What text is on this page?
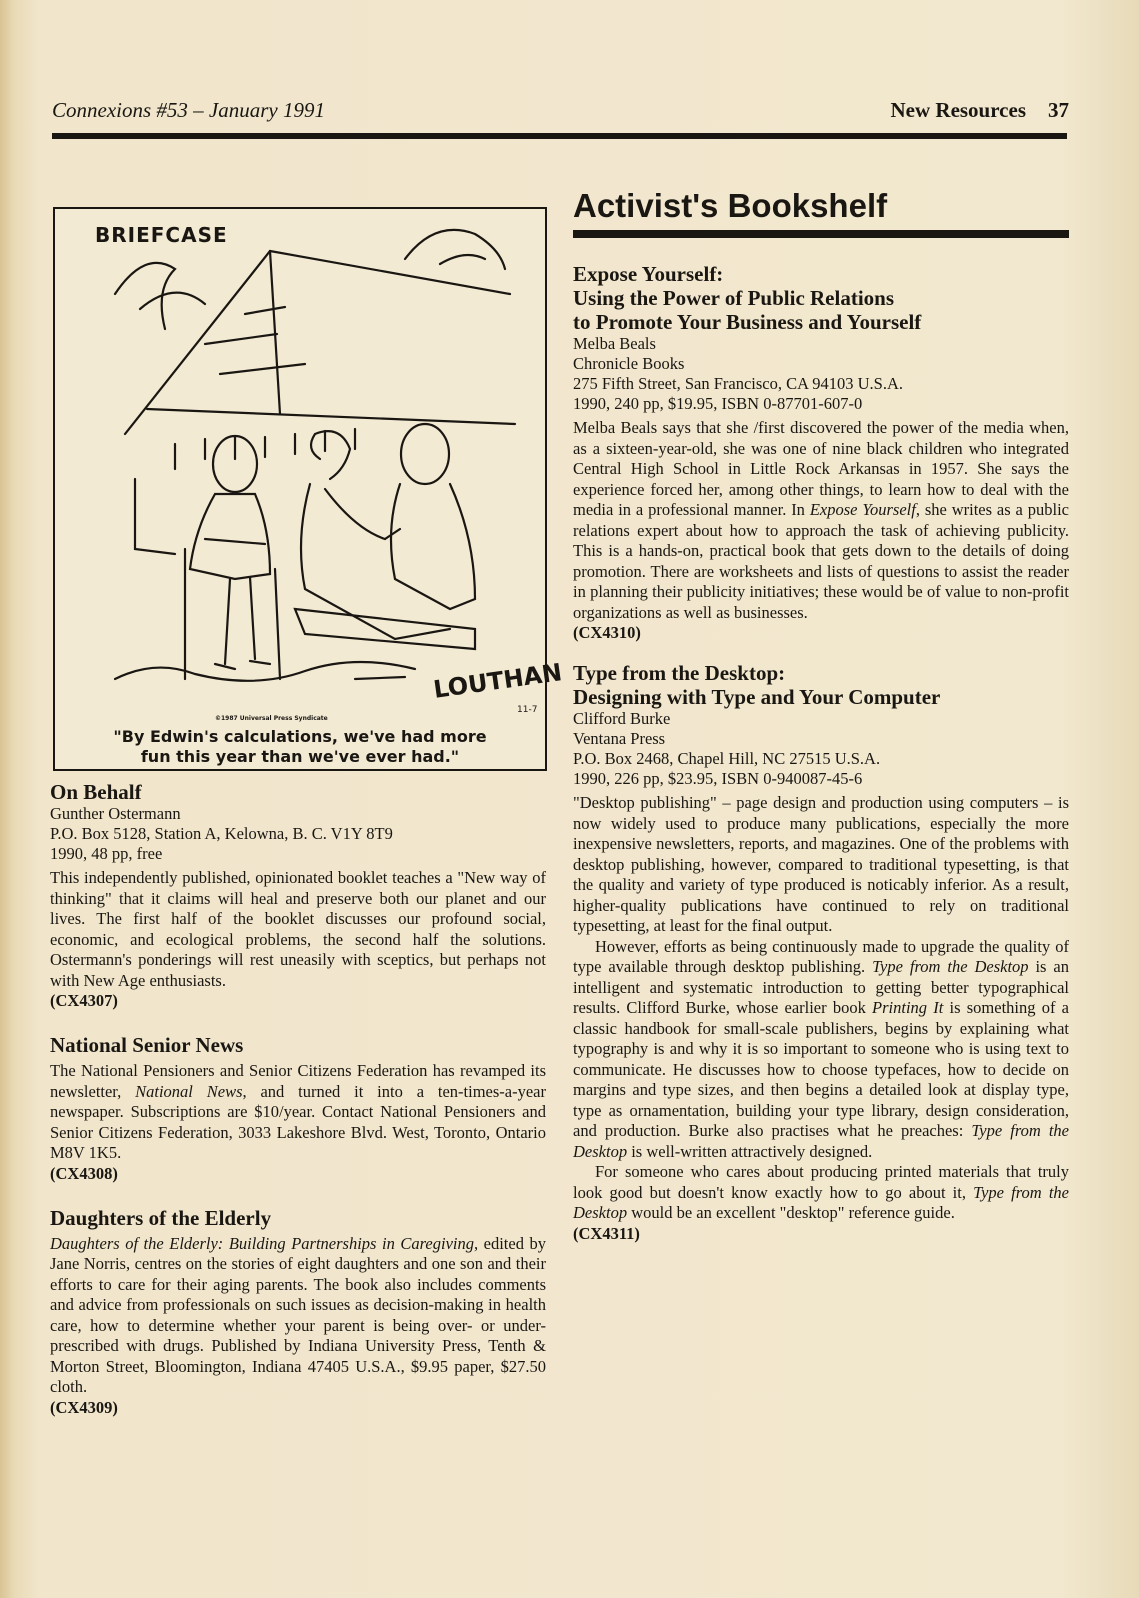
Connexions #53 – January 1991	New Resources 37
BRIEFCASE
LOUTHAN
11-7
©1987 Universal Press Syndicate
"By Edwin's calculations, we've had more
fun this year than we've ever had."
On Behalf

Gunther Ostermann

P.O. Box 5128, Station A, Kelowna, B. C. V1Y 8T9

1990, 48 pp, free

This independently published, opinionated booklet teaches a "New way of thinking" that it claims will heal and preserve both our planet and our lives. The first half of the booklet discusses our profound social, economic, and ecological problems, the second half the solutions. Ostermann's ponderings will rest uneasily with sceptics, but perhaps not with New Age enthusiasts.

(CX4307)

National Senior News

The National Pensioners and Senior Citizens Federation has revamped its newsletter, National News, and turned it into a ten-times-a-year newspaper. Subscriptions are $10/year. Contact National Pensioners and Senior Citizens Federation, 3033 Lakeshore Blvd. West, Toronto, Ontario M8V 1K5.

(CX4308)

Daughters of the Elderly

Daughters of the Elderly: Building Partnerships in Caregiving, edited by Jane Norris, centres on the stories of eight daughters and one son and their efforts to care for their aging parents. The book also includes comments and advice from professionals on such issues as decision-making in health care, how to determine whether your parent is being over- or under-prescribed with drugs. Published by Indiana University Press, Tenth & Morton Street, Bloomington, Indiana 47405 U.S.A., $9.95 paper, $27.50 cloth.

(CX4309)

Activist's Bookshelf
Expose Yourself:
Using the Power of Public Relations
to Promote Your Business and Yourself

Melba Beals

Chronicle Books

275 Fifth Street, San Francisco, CA 94103 U.S.A.

1990, 240 pp, $19.95, ISBN 0-87701-607-0

Melba Beals says that she /first discovered the power of the media when, as a sixteen-year-old, she was one of nine black children who integrated Central High School in Little Rock Arkansas in 1957. She says the experience forced her, among other things, to learn how to deal with the media in a professional manner. In Expose Yourself, she writes as a public relations expert about how to approach the task of achieving publicity. This is a hands-on, practical book that gets down to the details of doing promotion. There are worksheets and lists of questions to assist the reader in planning their publicity initiatives; these would be of value to non-profit organizations as well as businesses.

(CX4310)

Type from the Desktop:
Designing with Type and Your Computer

Clifford Burke

Ventana Press

P.O. Box 2468, Chapel Hill, NC 27515 U.S.A.

1990, 226 pp, $23.95, ISBN 0-940087-45-6

"Desktop publishing" – page design and production using computers – is now widely used to produce many publications, especially the more inexpensive newsletters, reports, and magazines. One of the problems with desktop publishing, however, compared to traditional typesetting, is that the quality and variety of type produced is noticably inferior. As a result, higher-quality publications have continued to rely on traditional typesetting, at least for the final output.

However, efforts as being continuously made to upgrade the quality of type available through desktop publishing. Type from the Desktop is an intelligent and systematic introduction to getting better typographical results. Clifford Burke, whose earlier book Printing It is something of a classic handbook for small-scale publishers, begins by explaining what typography is and why it is so important to someone who is using text to communicate. He discusses how to choose typefaces, how to decide on margins and type sizes, and then begins a detailed look at display type, type as ornamentation, building your type library, design consideration, and production. Burke also practises what he preaches: Type from the Desktop is well-written attractively designed.

For someone who cares about producing printed materials that truly look good but doesn't know exactly how to go about it, Type from the Desktop would be an excellent "desktop" reference guide.

(CX4311)
